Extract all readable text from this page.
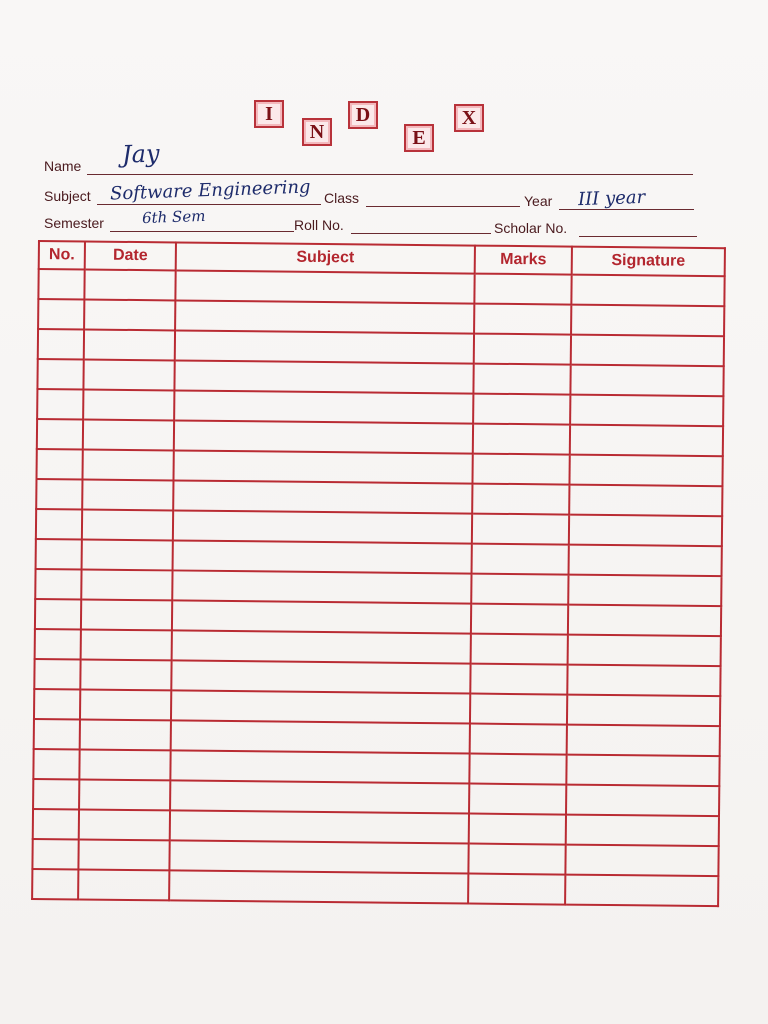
I
N
D
E
X
Name Jay
Subject Software Engineering Class	Year III year
Semester	6th Sem	Roll No.	Scholar No.
No.	Date	Subject	Marks	Signature
